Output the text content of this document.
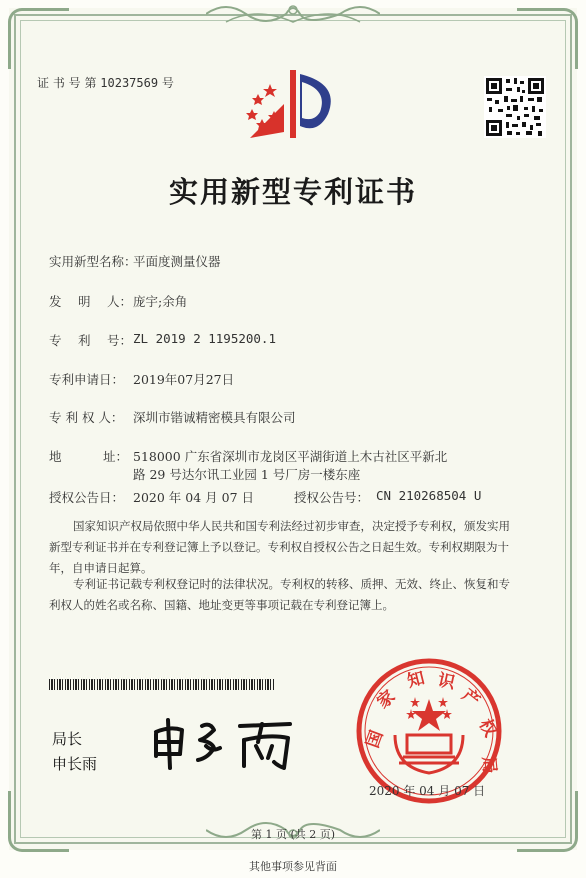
证 书 号 第 10237569 号
实用新型专利证书
实用新型名称：
平面度测量仪器
发　 明　 人： 庞宇;余角
专　 利　 号： ZL 2019 2 1195200.1
专利申请日： 2019年07月27日
专 利 权 人： 深圳市锴诚精密模具有限公司
地　　　 址： 518000 广东省深圳市龙岗区平湖街道上木古社区平新北
路 29 号达尔讯工业园 1 号厂房一楼东座
授权公告日： 2020 年 04 月 07 日	授权公告号： CN 210268504 U
国家知识产权局依照中华人民共和国专利法经过初步审查，决定授予专利权，颁发实用新型专利证书并在专利登记簿上予以登记。专利权自授权公告之日起生效。专利权期限为十年，自申请日起算。
专利证书记载专利权登记时的法律状况。专利权的转移、质押、无效、终止、恢复和专利权人的姓名或名称、国籍、地址变更等事项记载在专利登记簿上。
局长
申长雨
国
家
知 识
产
权
局
2020 年 04 月 07 日
第 1 页 (共 2 页)
其他事项参见背面
